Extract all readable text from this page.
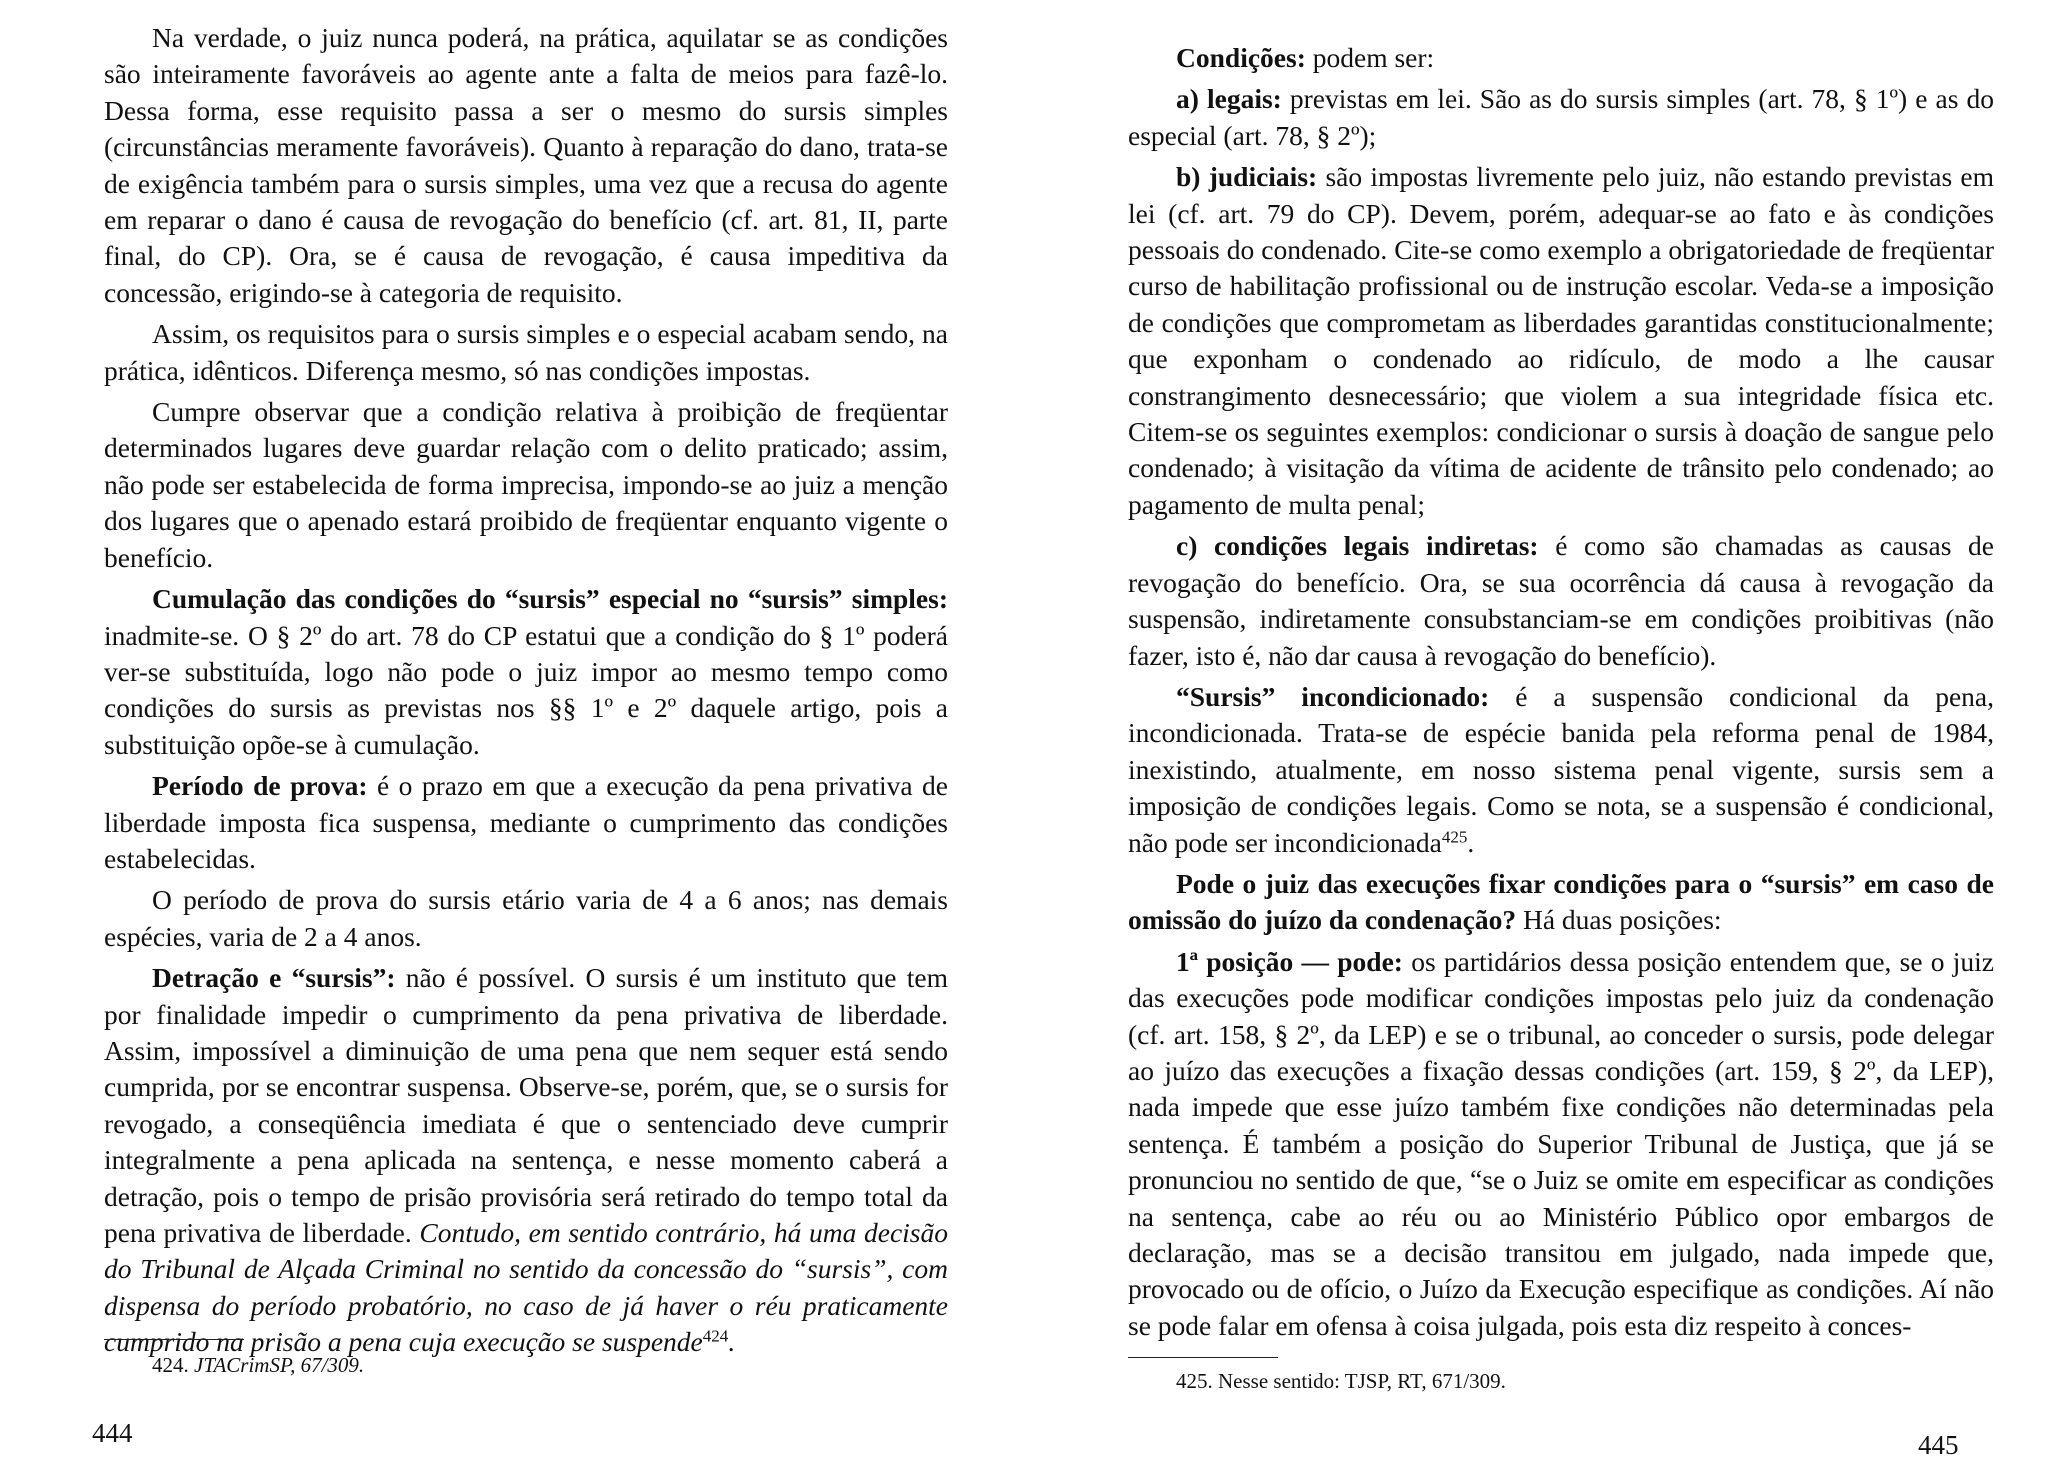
Na verdade, o juiz nunca poderá, na prática, aquilatar se as condições são inteiramente favoráveis ao agente ante a falta de meios para fazê-lo. Dessa forma, esse requisito passa a ser o mesmo do sursis simples (circunstâncias meramente favoráveis). Quanto à reparação do dano, trata-se de exigência também para o sursis simples, uma vez que a recusa do agente em reparar o dano é causa de revogação do benefício (cf. art. 81, II, parte final, do CP). Ora, se é causa de revogação, é causa impeditiva da concessão, erigindo-se à categoria de requisito.

Assim, os requisitos para o sursis simples e o especial acabam sendo, na prática, idênticos. Diferença mesmo, só nas condições impostas.

Cumpre observar que a condição relativa à proibição de freqüentar determinados lugares deve guardar relação com o delito praticado; assim, não pode ser estabelecida de forma imprecisa, impondo-se ao juiz a menção dos lugares que o apenado estará proibido de freqüentar enquanto vigente o benefício.

Cumulação das condições do “sursis” especial no “sursis” simples: inadmite-se. O § 2º do art. 78 do CP estatui que a condição do § 1º poderá ver-se substituída, logo não pode o juiz impor ao mesmo tempo como condições do sursis as previstas nos §§ 1º e 2º daquele artigo, pois a substituição opõe-se à cumulação.

Período de prova: é o prazo em que a execução da pena privativa de liberdade imposta fica suspensa, mediante o cumprimento das condições estabelecidas.

O período de prova do sursis etário varia de 4 a 6 anos; nas demais espécies, varia de 2 a 4 anos.

Detração e “sursis”: não é possível. O sursis é um instituto que tem por finalidade impedir o cumprimento da pena privativa de liberdade. Assim, impossível a diminuição de uma pena que nem sequer está sendo cumprida, por se encontrar suspensa. Observe-se, porém, que, se o sursis for revogado, a conseqüência imediata é que o sentenciado deve cumprir integralmente a pena aplicada na sentença, e nesse momento caberá a detração, pois o tempo de prisão provisória será retirado do tempo total da pena privativa de liberdade. Contudo, em sentido contrário, há uma decisão do Tribunal de Alçada Criminal no sentido da concessão do “sursis”, com dispensa do período probatório, no caso de já haver o réu praticamente cumprido na prisão a pena cuja execução se suspende$^{424}$.

424. JTACrimSP, 67/309.
444

Condições: podem ser:

a) legais: previstas em lei. São as do sursis simples (art. 78, § 1º) e as do especial (art. 78, § 2º);

b) judiciais: são impostas livremente pelo juiz, não estando previstas em lei (cf. art. 79 do CP). Devem, porém, adequar-se ao fato e às condições pessoais do condenado. Cite-se como exemplo a obrigatoriedade de freqüentar curso de habilitação profissional ou de instrução escolar. Veda-se a imposição de condições que comprometam as liberdades garantidas constitucionalmente; que exponham o condenado ao ridículo, de modo a lhe causar constrangimento desnecessário; que violem a sua integridade física etc. Citem-se os seguintes exemplos: condicionar o sursis à doação de sangue pelo condenado; à visitação da vítima de acidente de trânsito pelo condenado; ao pagamento de multa penal;

c) condições legais indiretas: é como são chamadas as causas de revogação do benefício. Ora, se sua ocorrência dá causa à revogação da suspensão, indiretamente consubstanciam-se em condições proibitivas (não fazer, isto é, não dar causa à revogação do benefício).

“Sursis” incondicionado: é a suspensão condicional da pena, incondicionada. Trata-se de espécie banida pela reforma penal de 1984, inexistindo, atualmente, em nosso sistema penal vigente, sursis sem a imposição de condições legais. Como se nota, se a suspensão é condicional, não pode ser incondicionada$^{425}$.

Pode o juiz das execuções fixar condições para o “sursis” em caso de omissão do juízo da condenação? Há duas posições:

1ª posição — pode: os partidários dessa posição entendem que, se o juiz das execuções pode modificar condições impostas pelo juiz da condenação (cf. art. 158, § 2º, da LEP) e se o tribunal, ao conceder o sursis, pode delegar ao juízo das execuções a fixação dessas condições (art. 159, § 2º, da LEP), nada impede que esse juízo também fixe condições não determinadas pela sentença. É também a posição do Superior Tribunal de Justiça, que já se pronunciou no sentido de que, “se o Juiz se omite em especificar as condições na sentença, cabe ao réu ou ao Ministério Público opor embargos de declaração, mas se a decisão transitou em julgado, nada impede que, provocado ou de ofício, o Juízo da Execução especifique as condições. Aí não se pode falar em ofensa à coisa julgada, pois esta diz respeito à conces-

425. Nesse sentido: TJSP, RT, 671/309.
445
